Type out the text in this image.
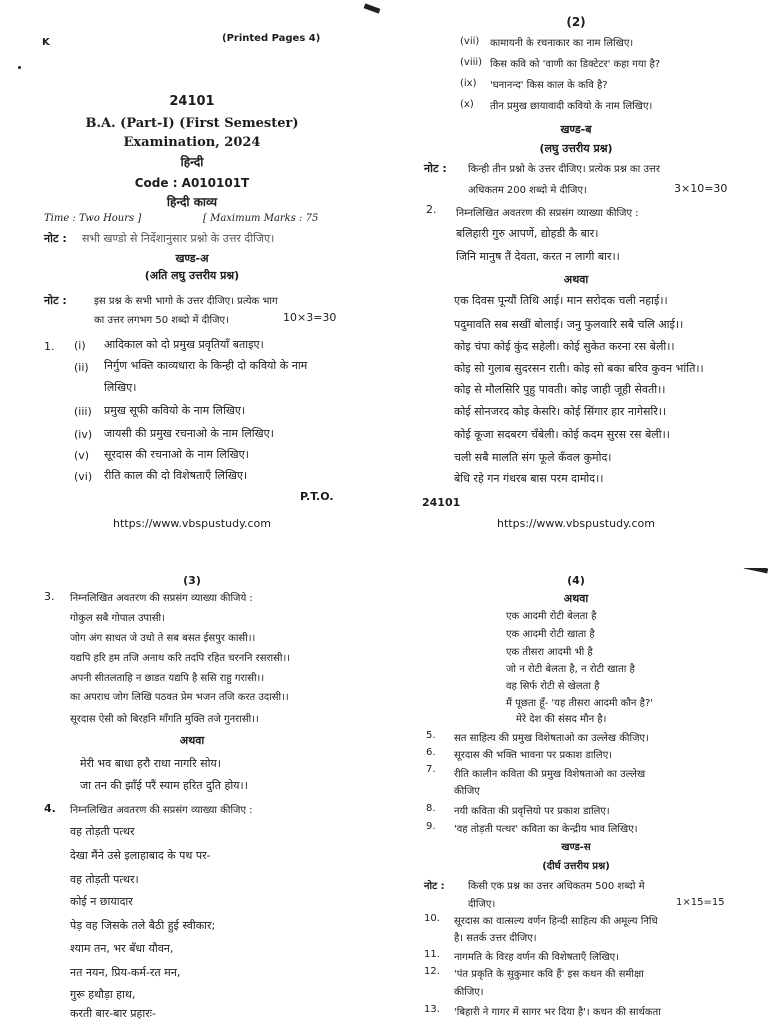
K	(Printed Pages 4)
24101
B.A. (Part-I) (First Semester)
Examination, 2024
हिन्दी
Code : A010101T
हिन्दी काव्य
Time : Two Hours ]	[ Maximum Marks : 75
नोट : सभी खण्डो से निर्देशानुसार प्रश्नो के उत्तर दीजिए।
खण्ड-अ
(अति लघु उत्तरीय प्रश्न)
नोट :	इस प्रश्न के सभी भागो के उत्तर दीजिए। प्रत्येक भाग
का उत्तर लगभग 50 शब्दो में दीजिए।	10×3=30
1. (i) आदिकाल को दो प्रमुख प्रवृतियाँ बताइए।
(ii) निर्गुण भक्ति काव्यधारा के किन्ही दो कवियो के नाम
लिखिए।
(iii) प्रमुख सूफी कवियो के नाम लिखिए।
(iv) जायसी की प्रमुख रचनाओ के नाम लिखिए।
(v) सूरदास की रचनाओ के नाम लिखिए।
(vi) रीति काल की दो विशेषताएँ लिखिए।
P.T.O.
https://www.vbspustudy.com
(2)
(vii) कामायनी के रचनाकार का नाम लिखिए।
(viii) किस कवि को 'वाणी का डिक्टेटर' कहा गया है?
(ix) 'घनानन्द' किस काल के कवि है?
(x) तीन प्रमुख छायावादी कवियो के नाम लिखिए।
खण्ड-ब
(लघु उत्तरीय प्रश्न)
नोट : किन्ही तीन प्रश्नो के उत्तर दीजिए। प्रत्येक प्रश्न का उत्तर
अधिकतम 200 शब्दो मे दीजिए।	3×10=30
2. निम्नलिखित अवतरण की सप्रसंग व्याख्या कीजिए :
बलिहारी गुरु आपर्णे, द्योहडी कै बार।
जिनि मानुष तैं देवता, करत न लागी बार।।
अथवा
एक दिवस पून्यौं तिथि आई। मान सरोदक चली नहाई।।
पदुमावति सब सखीं बोलाई। जनु फुलवारि सबै चलि आई।।
कोइ चंपा कोई कुंद सहेली। कोई सुकेत करना रस बेली।।
कोइ सो गुलाब सुदरसन राती। कोइ सो बका बरिव कुवन भांति।।
कोइ से मौलसिरि पुहु पावती। कोइ जाही जूही सेवती।।
कोई सोनजरद कोइ केसरि। कोई सिंगार हार नागेसरि।।
कोई कूजा सदबरग चँबेली। कोई कदम सुरस रस बेली।।
चली सबै मालति संग फूले कँवल कुमोद।
बेधि रहे गन गंधरब बास परम दामोद।।
24101
https://www.vbspustudy.com
(3)
3. निम्नलिखित अवतरण की सप्रसंग व्याख्या कीजिये :
गोकुल सबै गोपाल उपासी।
जोग अंग साधत जे उधो ते सब बसत ईसपुर कासी।।
यद्यपि हरि हम तजि अनाथ करि तदपि रहित चरननि रसरासी।।
अपनी सीतलताहि न छाडत यद्यपि है ससि राहु गरासी।।
का अपराध जोग लिखि पठवत प्रेम भजन तजि करत उदासी।।
सूरदास ऐसी को बिरहनि माँगति मुक्ति तजे गुनरासी।।
अथवा
मेरी भव बाधा हरौ राधा नागरि सोय।
जा तन की झाँई परैं स्याम हरित दुति होय।।
4. निम्नलिखित अवतरण की सप्रसंग व्याख्या कीजिए :
वह तोड़ती पत्थर
देखा मैंने उसे इलाहाबाद के पथ पर-
वह तोड़ती पत्थर।
कोई न छायादार
पेड़ वह जिसके तले बैठी हुई स्वीकार;
श्याम तन, भर बँधा यौवन,
नत नयन, प्रिय-कर्म-रत मन,
गुरू हथौड़ा हाथ,
करती बार-बार प्रहारः-
(4)
अथवा
एक आदमी रोटी बेलता है
एक आदमी रोटी खाता है
एक तीसरा आदमी भी है
जो न रोटी बेलता है, न रोटी खाता है
वह सिर्फ रोटी से खेलता है
मैं पूछता हूँ- 'यह तीसरा आदमी कौन है?'
मेरे देश की संसद मौन है।
5. सत साहित्य की प्रमुख विशेषताओ का उल्लेख कीजिए।
6. सूरदास की भक्ति भावना पर प्रकाश डालिए।
7. रीति कालीन कविता की प्रमुख विशेषताओ का उल्लेख
कीजिए
8. नयी कविता की प्रवृत्तियो पर प्रकाश डालिए।
9. 'वह तोड़ती पत्थर' कविता का केन्द्रीय भाव लिखिए।
खण्ड-स
(दीर्घ उत्तरीय प्रश्न)
नोट : किसी एक प्रश्न का उत्तर अधिकतम 500 शब्दो मे
दीजिए।	1×15=15
10. सूरदास का वात्सल्य वर्णन हिन्दी साहित्य की अमूल्य निधि
है। सतर्क उत्तर दीजिए।
11. नागमति के विरह वर्णन की विशेषताएँ लिखिए।
12. 'पंत प्रकृति के सुकुमार कवि हैं' इस कथन की समीक्षा
कीजिए।
13. 'बिहारी ने गागर में सागर भर दिया है'। कथन की सार्थकता
